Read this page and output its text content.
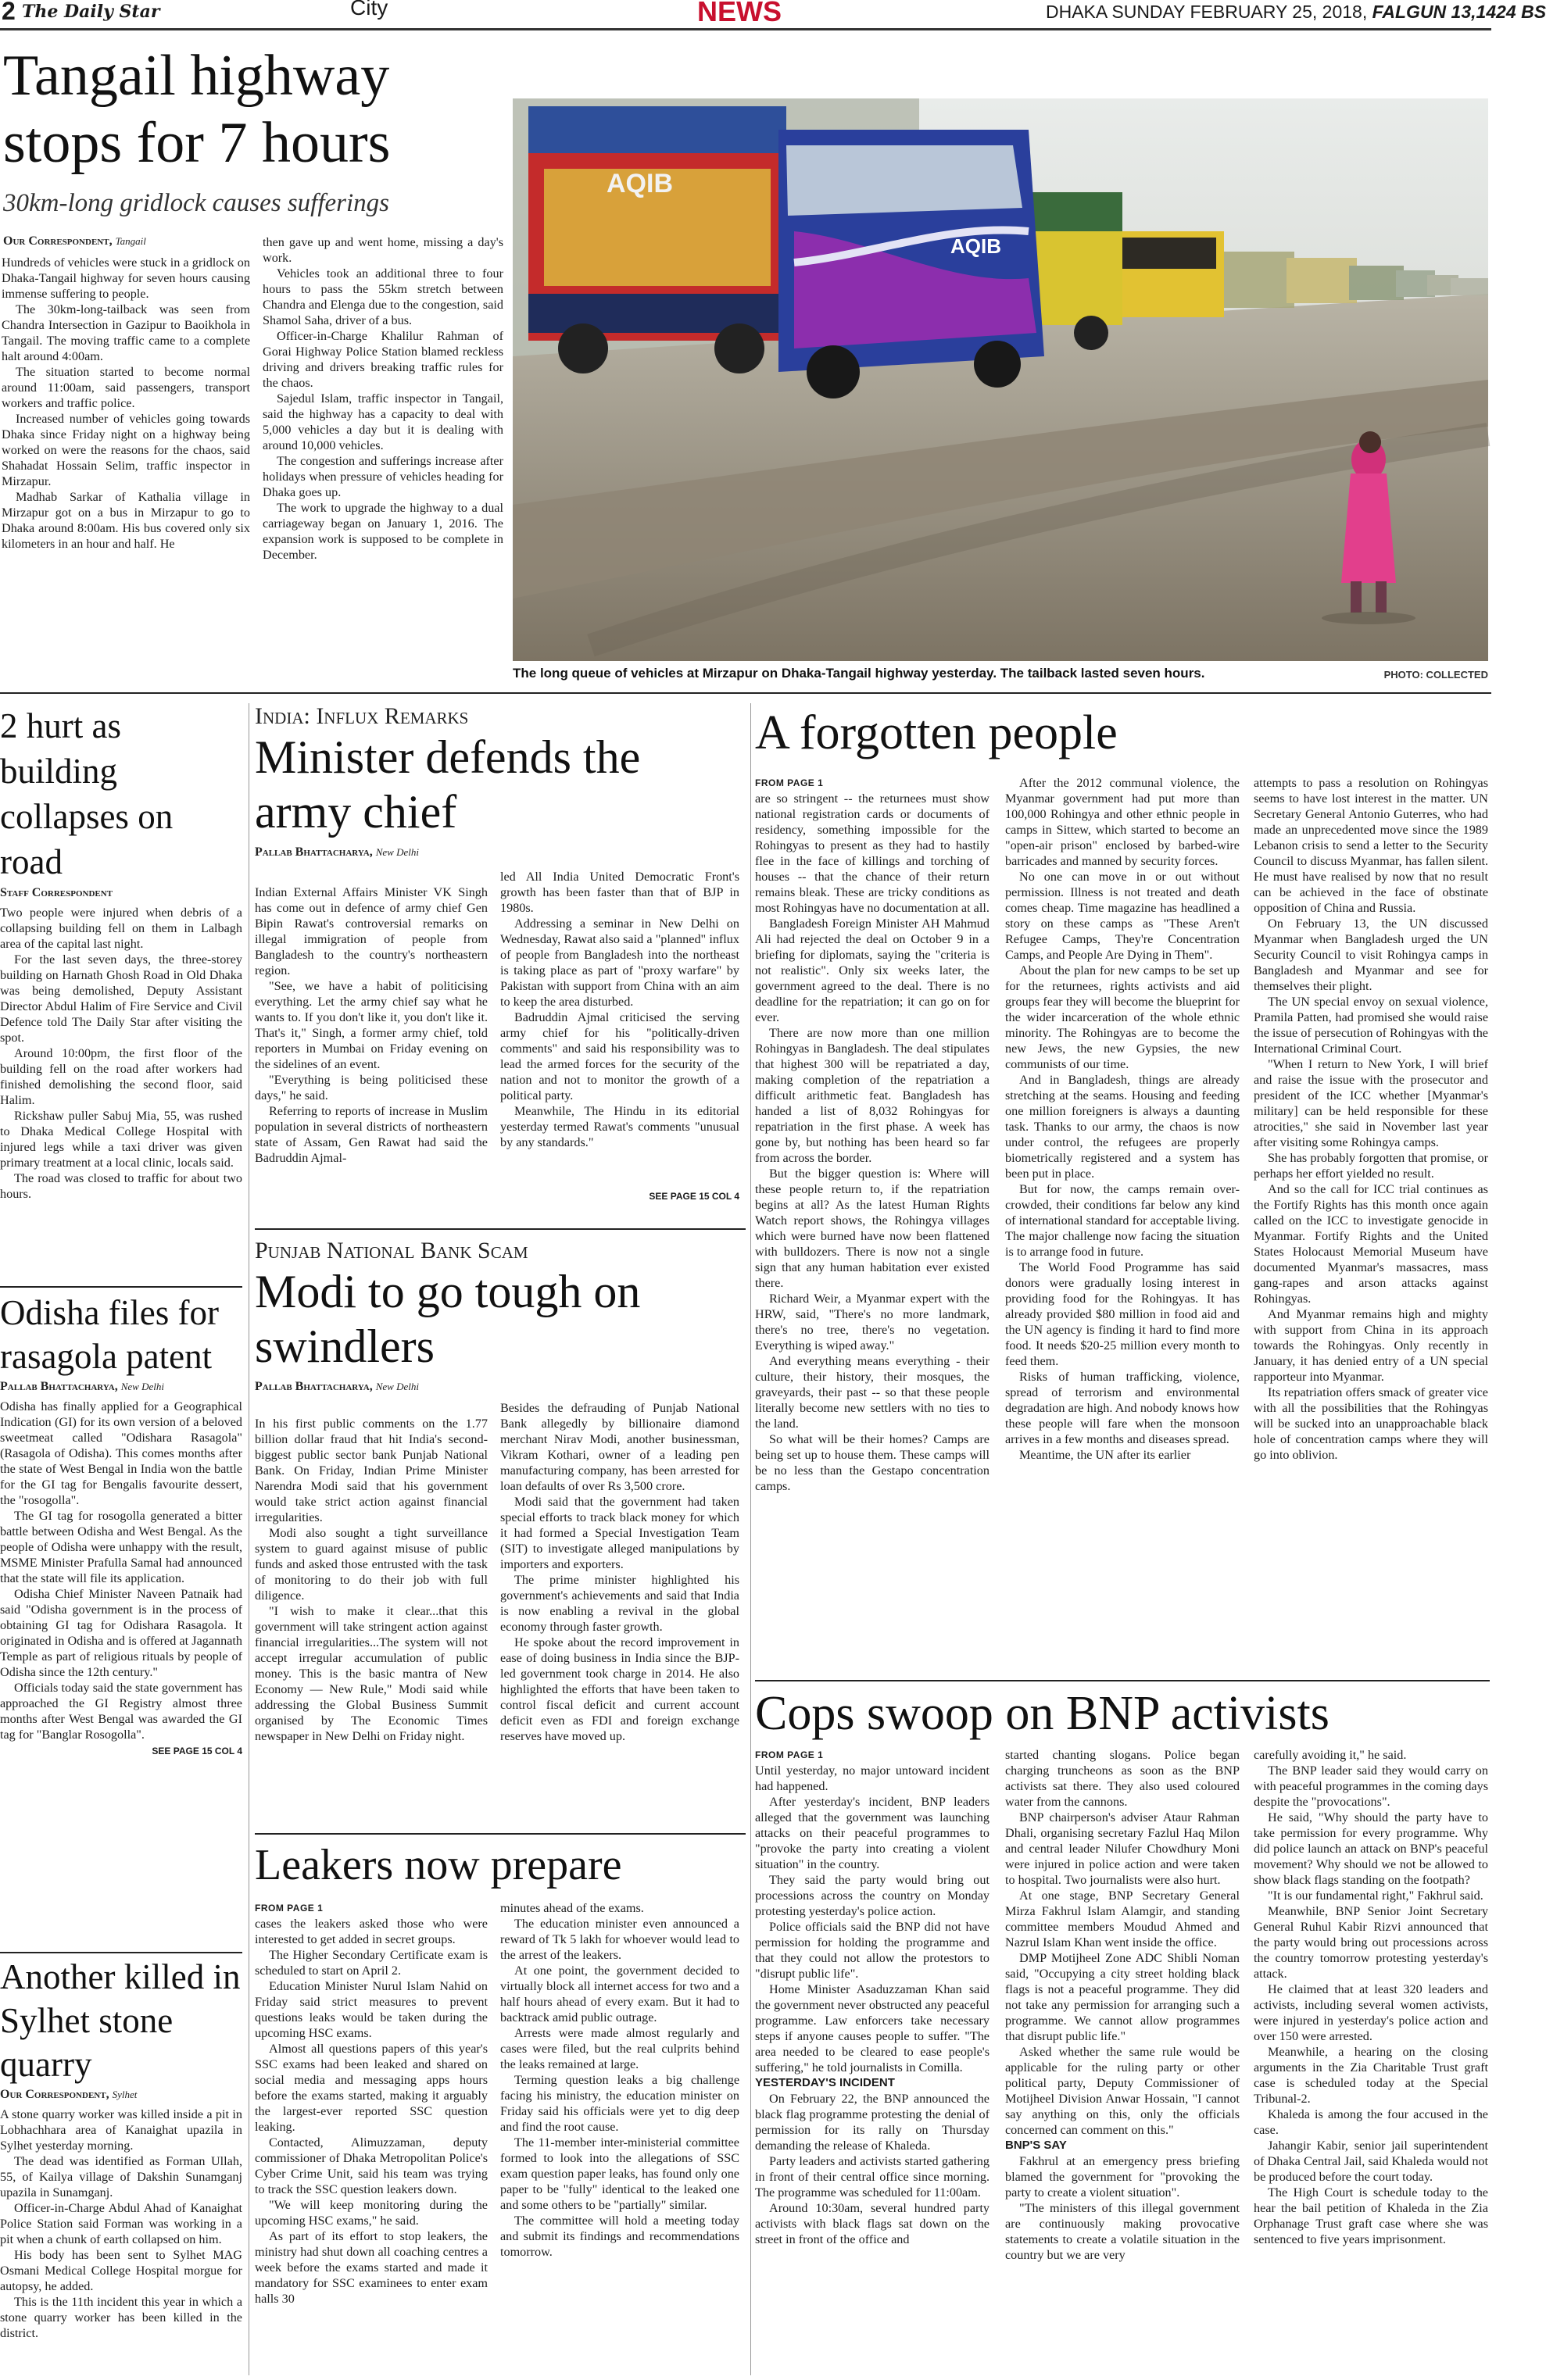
2 The Daily Star	City	NEWS	DHAKA SUNDAY FEBRUARY 25, 2018, FALGUN 13,1424 BS
Tangail highway stops for 7 hours
30km-long gridlock causes sufferings
Our Correspondent, Tangail

Hundreds of vehicles were stuck in a gridlock on Dhaka-Tangail highway for seven hours causing immense suffering to people.

The 30km-long-tailback was seen from Chandra Intersection in Gazipur to Baoikhola in Tangail. The moving traffic came to a complete halt around 4:00am.

The situation started to become normal around 11:00am, said passengers, transport workers and traffic police.

Increased number of vehicles going towards Dhaka since Friday night on a highway being worked on were the reasons for the chaos, said Shahadat Hossain Selim, traffic inspector in Mirzapur.

Madhab Sarkar of Kathalia village in Mirzapur got on a bus in Mirzapur to go to Dhaka around 8:00am. His bus covered only six kilometers in an hour and half. He

then gave up and went home, missing a day's work.

Vehicles took an additional three to four hours to pass the 55km stretch between Chandra and Elenga due to the congestion, said Shamol Saha, driver of a bus.

Officer-in-Charge Khalilur Rahman of Gorai Highway Police Station blamed reckless driving and drivers breaking traffic rules for the chaos.

Sajedul Islam, traffic inspector in Tangail, said the highway has a capacity to deal with 5,000 vehicles a day but it is dealing with around 10,000 vehicles.

The congestion and sufferings increase after holidays when pressure of vehicles heading for Dhaka goes up.

The work to upgrade the highway to a dual carriageway began on January 1, 2016. The expansion work is supposed to be complete in December.

AQIB
AQIB
The long queue of vehicles at Mirzapur on Dhaka-Tangail highway yesterday. The tailback lasted seven hours.	PHOTO: COLLECTED
2 hurt as building collapses on road
Staff Correspondent

Two people were injured when debris of a collapsing building fell on them in Lalbagh area of the capital last night.

For the last seven days, the three-storey building on Harnath Ghosh Road in Old Dhaka was being demolished, Deputy Assistant Director Abdul Halim of Fire Service and Civil Defence told The Daily Star after visiting the spot.

Around 10:00pm, the first floor of the building fell on the road after workers had finished demolishing the second floor, said Halim.

Rickshaw puller Sabuj Mia, 55, was rushed to Dhaka Medical College Hospital with injured legs while a taxi driver was given primary treatment at a local clinic, locals said.

The road was closed to traffic for about two hours.

Odisha files for rasagola patent
Pallab Bhattacharya, New Delhi

Odisha has finally applied for a Geographical Indication (GI) for its own version of a beloved sweetmeat called "Odishara Rasagola" (Rasagola of Odisha). This comes months after the state of West Bengal in India won the battle for the GI tag for Bengalis favourite dessert, the "rosogolla".

The GI tag for rosogolla generated a bitter battle between Odisha and West Bengal. As the people of Odisha were unhappy with the result, MSME Minister Prafulla Samal had announced that the state will file its application.

Odisha Chief Minister Naveen Patnaik had said "Odisha government is in the process of obtaining GI tag for Odishara Rasagola. It originated in Odisha and is offered at Jagannath Temple as part of religious rituals by people of Odisha since the 12th century."

Officials today said the state government has approached the GI Registry almost three months after West Bengal was awarded the GI tag for "Banglar Rosogolla".

SEE PAGE 15 COL 4
Another killed in Sylhet stone quarry
Our Correspondent, Sylhet

A stone quarry worker was killed inside a pit in Lobhachhara area of Kanaighat upazila in Sylhet yesterday morning.

The dead was identified as Forman Ullah, 55, of Kailya village of Dakshin Sunamganj upazila in Sunamganj.

Officer-in-Charge Abdul Ahad of Kanaighat Police Station said Forman was working in a pit when a chunk of earth collapsed on him.

His body has been sent to Sylhet MAG Osmani Medical College Hospital morgue for autopsy, he added.

This is the 11th incident this year in which a stone quarry worker has been killed in the district.

India: Influx Remarks
Minister defends the army chief
Pallab Bhattacharya, New Delhi

Indian External Affairs Minister VK Singh has come out in defence of army chief Gen Bipin Rawat's controversial remarks on illegal immigration of people from Bangladesh to the country's northeastern region.

"See, we have a habit of politicising everything. Let the army chief say what he wants to. If you don't like it, you don't like it. That's it," Singh, a former army chief, told reporters in Mumbai on Friday evening on the sidelines of an event.

"Everything is being politicised these days," he said.

Referring to reports of increase in Muslim population in several districts of northeastern state of Assam, Gen Rawat had said the Badruddin Ajmal-

led All India United Democratic Front's growth has been faster than that of BJP in 1980s.

Addressing a seminar in New Delhi on Wednesday, Rawat also said a "planned" influx of people from Bangladesh into the northeast is taking place as part of "proxy warfare" by Pakistan with support from China with an aim to keep the area disturbed.

Badruddin Ajmal criticised the serving army chief for his "politically-driven comments" and said his responsibility was to lead the armed forces for the security of the nation and not to monitor the growth of a political party.

Meanwhile, The Hindu in its editorial yesterday termed Rawat's comments "unusual by any standards."

SEE PAGE 15 COL 4
Punjab National Bank Scam
Modi to go tough on swindlers
Pallab Bhattacharya, New Delhi

In his first public comments on the 1.77 billion dollar fraud that hit India's second-biggest public sector bank Punjab National Bank. On Friday, Indian Prime Minister Narendra Modi said that his government would take strict action against financial irregularities.

Modi also sought a tight surveillance system to guard against misuse of public funds and asked those entrusted with the task of monitoring to do their job with full diligence.

"I wish to make it clear...that this government will take stringent action against financial irregularities...The system will not accept irregular accumulation of public money. This is the basic mantra of New Economy — New Rule," Modi said while addressing the Global Business Summit organised by The Economic Times newspaper in New Delhi on Friday night.

Besides the defrauding of Punjab National Bank allegedly by billionaire diamond merchant Nirav Modi, another businessman, Vikram Kothari, owner of a leading pen manufacturing company, has been arrested for loan defaults of over Rs 3,500 crore.

Modi said that the government had taken special efforts to track black money for which it had formed a Special Investigation Team (SIT) to investigate alleged manipulations by importers and exporters.

The prime minister highlighted his government's achievements and said that India is now enabling a revival in the global economy through faster growth.

He spoke about the record improvement in ease of doing business in India since the BJP-led government took charge in 2014. He also highlighted the efforts that have been taken to control fiscal deficit and current account deficit even as FDI and foreign exchange reserves have moved up.

Leakers now prepare
FROM PAGE 1

cases the leakers asked those who were interested to get added in secret groups.

The Higher Secondary Certificate exam is scheduled to start on April 2.

Education Minister Nurul Islam Nahid on Friday said strict measures to prevent questions leaks would be taken during the upcoming HSC exams.

Almost all questions papers of this year's SSC exams had been leaked and shared on social media and messaging apps hours before the exams started, making it arguably the largest-ever reported SSC question leaking.

Contacted, Alimuzzaman, deputy commissioner of Dhaka Metropolitan Police's Cyber Crime Unit, said his team was trying to track the SSC question leakers down.

"We will keep monitoring during the upcoming HSC exams," he said.

As part of its effort to stop leakers, the ministry had shut down all coaching centres a week before the exams started and made it mandatory for SSC examinees to enter exam halls 30

minutes ahead of the exams.

The education minister even announced a reward of Tk 5 lakh for whoever would lead to the arrest of the leakers.

At one point, the government decided to virtually block all internet access for two and a half hours ahead of every exam. But it had to backtrack amid public outrage.

Arrests were made almost regularly and cases were filed, but the real culprits behind the leaks remained at large.

Terming question leaks a big challenge facing his ministry, the education minister on Friday said his officials were yet to dig deep and find the root cause.

The 11-member inter-ministerial committee formed to look into the allegations of SSC exam question paper leaks, has found only one paper to be "fully" identical to the leaked one and some others to be "partially" similar.

The committee will hold a meeting today and submit its findings and recommendations tomorrow.

A forgotten people
FROM PAGE 1

are so stringent -- the returnees must show national registration cards or documents of residency, something impossible for the Rohingyas to present as they had to hastily flee in the face of killings and torching of houses -- that the chance of their return remains bleak. These are tricky conditions as most Rohingyas have no documentation at all.

Bangladesh Foreign Minister AH Mahmud Ali had rejected the deal on October 9 in a briefing for diplomats, saying the "criteria is not realistic". Only six weeks later, the government agreed to the deal. There is no deadline for the repatriation; it can go on for ever.

There are now more than one million Rohingyas in Bangladesh. The deal stipulates that highest 300 will be repatriated a day, making completion of the repatriation a difficult arithmetic feat. Bangladesh has handed a list of 8,032 Rohingyas for repatriation in the first phase. A week has gone by, but nothing has been heard so far from across the border.

But the bigger question is: Where will these people return to, if the repatriation begins at all? As the latest Human Rights Watch report shows, the Rohingya villages which were burned have now been flattened with bulldozers. There is now not a single sign that any human habitation ever existed there.

Richard Weir, a Myanmar expert with the HRW, said, "There's no more landmark, there's no tree, there's no vegetation. Everything is wiped away."

And everything means everything - their culture, their history, their mosques, the graveyards, their past -- so that these people literally become new settlers with no ties to the land.

So what will be their homes? Camps are being set up to house them. These camps will be no less than the Gestapo concentration camps.

After the 2012 communal violence, the Myanmar government had put more than 100,000 Rohingya and other ethnic people in camps in Sittew, which started to become an "open-air prison" enclosed by barbed-wire barricades and manned by security forces.

No one can move in or out without permission. Illness is not treated and death comes cheap. Time magazine has headlined a story on these camps as "These Aren't Refugee Camps, They're Concentration Camps, and People Are Dying in Them".

About the plan for new camps to be set up for the returnees, rights activists and aid groups fear they will become the blueprint for the wider incarceration of the whole ethnic minority. The Rohingyas are to become the new Jews, the new Gypsies, the new communists of our time.

And in Bangladesh, things are already stretching at the seams. Housing and feeding one million foreigners is always a daunting task. Thanks to our army, the chaos is now under control, the refugees are properly biometrically registered and a system has been put in place.

But for now, the camps remain over-crowded, their conditions far below any kind of international standard for acceptable living. The major challenge now facing the situation is to arrange food in future.

The World Food Programme has said donors were gradually losing interest in providing food for the Rohingyas. It has already provided $80 million in food aid and the UN agency is finding it hard to find more food. It needs $20-25 million every month to feed them.

Risks of human trafficking, violence, spread of terrorism and environmental degradation are high. And nobody knows how these people will fare when the monsoon arrives in a few months and diseases spread.

Meantime, the UN after its earlier

attempts to pass a resolution on Rohingyas seems to have lost interest in the matter. UN Secretary General Antonio Guterres, who had made an unprecedented move since the 1989 Lebanon crisis to send a letter to the Security Council to discuss Myanmar, has fallen silent. He must have realised by now that no result can be achieved in the face of obstinate opposition of China and Russia.

On February 13, the UN discussed Myanmar when Bangladesh urged the UN Security Council to visit Rohingya camps in Bangladesh and Myanmar and see for themselves their plight.

The UN special envoy on sexual violence, Pramila Patten, had promised she would raise the issue of persecution of Rohingyas with the International Criminal Court.

"When I return to New York, I will brief and raise the issue with the prosecutor and president of the ICC whether [Myanmar's military] can be held responsible for these atrocities," she said in November last year after visiting some Rohingya camps.

She has probably forgotten that promise, or perhaps her effort yielded no result.

And so the call for ICC trial continues as the Fortify Rights has this month once again called on the ICC to investigate genocide in Myanmar. Fortify Rights and the United States Holocaust Memorial Museum have documented Myanmar's massacres, mass gang-rapes and arson attacks against Rohingyas.

And Myanmar remains high and mighty with support from China in its approach towards the Rohingyas. Only recently in January, it has denied entry of a UN special rapporteur into Myanmar.

Its repatriation offers smack of greater vice with all the possibilities that the Rohingyas will be sucked into an unapproachable black hole of concentration camps where they will go into oblivion.

Cops swoop on BNP activists
FROM PAGE 1

Until yesterday, no major untoward incident had happened.

After yesterday's incident, BNP leaders alleged that the government was launching attacks on their peaceful programmes to "provoke the party into creating a violent situation" in the country.

They said the party would bring out processions across the country on Monday protesting yesterday's police action.

Police officials said the BNP did not have permission for holding the programme and that they could not allow the protestors to "disrupt public life".

Home Minister Asaduzzaman Khan said the government never obstructed any peaceful programme. Law enforcers take necessary steps if anyone causes people to suffer. "The area needed to be cleared to ease people's suffering," he told journalists in Comilla.

YESTERDAY'S INCIDENT

On February 22, the BNP announced the black flag programme protesting the denial of permission for its rally on Thursday demanding the release of Khaleda.

Party leaders and activists started gathering in front of their central office since morning. The programme was scheduled for 11:00am.

Around 10:30am, several hundred party activists with black flags sat down on the street in front of the office and

started chanting slogans. Police began charging truncheons as soon as the BNP activists sat there. They also used coloured water from the cannons.

BNP chairperson's adviser Ataur Rahman Dhali, organising secretary Fazlul Haq Milon and central leader Nilufer Chowdhury Moni were injured in police action and were taken to hospital. Two journalists were also hurt.

At one stage, BNP Secretary General Mirza Fakhrul Islam Alamgir, and standing committee members Moudud Ahmed and Nazrul Islam Khan went inside the office.

DMP Motijheel Zone ADC Shibli Noman said, "Occupying a city street holding black flags is not a peaceful programme. They did not take any permission for arranging such a programme. We cannot allow programmes that disrupt public life."

Asked whether the same rule would be applicable for the ruling party or other political party, Deputy Commissioner of Motijheel Division Anwar Hossain, "I cannot say anything on this, only the officials concerned can comment on this."

BNP'S SAY

Fakhrul at an emergency press briefing blamed the government for "provoking the party to create a violent situation".

"The ministers of this illegal government are continuously making provocative statements to create a volatile situation in the country but we are very

carefully avoiding it," he said.

The BNP leader said they would carry on with peaceful programmes in the coming days despite the "provocations".

He said, "Why should the party have to take permission for every programme. Why did police launch an attack on BNP's peaceful movement? Why should we not be allowed to show black flags standing on the footpath?

"It is our fundamental right," Fakhrul said.

Meanwhile, BNP Senior Joint Secretary General Ruhul Kabir Rizvi announced that the party would bring out processions across the country tomorrow protesting yesterday's attack.

He claimed that at least 320 leaders and activists, including several women activists, were injured in yesterday's police action and over 150 were arrested.

Meanwhile, a hearing on the closing arguments in the Zia Charitable Trust graft case is scheduled today at the Special Tribunal-2.

Khaleda is among the four accused in the case.

Jahangir Kabir, senior jail superintendent of Dhaka Central Jail, said Khaleda would not be produced before the court today.

The High Court is schedule today to the hear the bail petition of Khaleda in the Zia Orphanage Trust graft case where she was sentenced to five years imprisonment.
